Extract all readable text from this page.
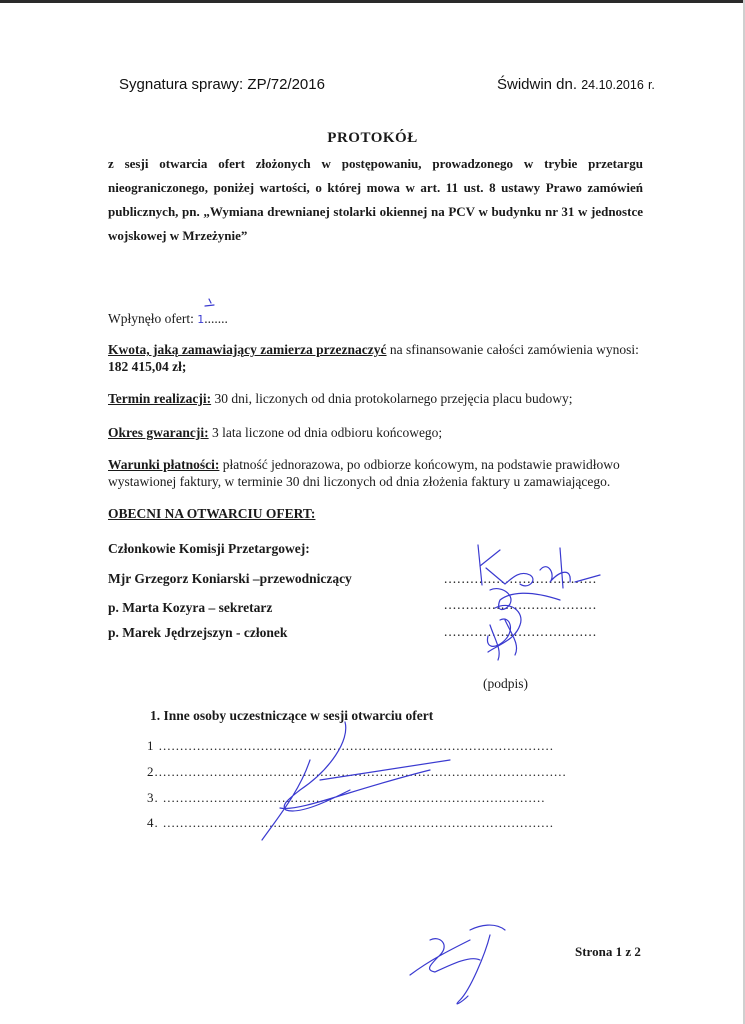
Sygnatura sprawy: ZP/72/2016	Świdwin dn. 24.10.2016 r.
PROTOKÓŁ
z sesji otwarcia ofert złożonych w postępowaniu, prowadzonego w trybie przetargu nieograniczonego, poniżej wartości, o której mowa w art. 11 ust. 8 ustawy Prawo zamówień publicznych, pn. „Wymiana drewnianej stolarki okiennej na PCV w budynku nr 31 w jednostce wojskowej w Mrzeżynie”
Wpłynęło ofert: 1.......
Kwota, jaką zamawiający zamierza przeznaczyć na sfinansowanie całości zamówienia wynosi: 182 415,04 zł;
Termin realizacji: 30 dni, liczonych od dnia protokolarnego przejęcia placu budowy;
Okres gwarancji: 3 lata liczone od dnia odbioru końcowego;
Warunki płatności: płatność jednorazowa, po odbiorze końcowym, na podstawie prawidłowo wystawionej faktury, w terminie 30 dni liczonych od dnia złożenia faktury u zamawiającego.
OBECNI NA OTWARCIU OFERT:
Członkowie Komisji Przetargowej:
Mjr Grzegorz Koniarski –przewodniczący
p. Marta Kozyra – sekretarz
p. Marek Jędrzejszyn - członek
...................................
...................................
...................................
(podpis)
1. Inne osoby uczestniczące w sesji otwarciu ofert
1 .............................................................................................
2.................................................................................................
3. ..........................................................................................
4. ............................................................................................
Strona 1 z 2
